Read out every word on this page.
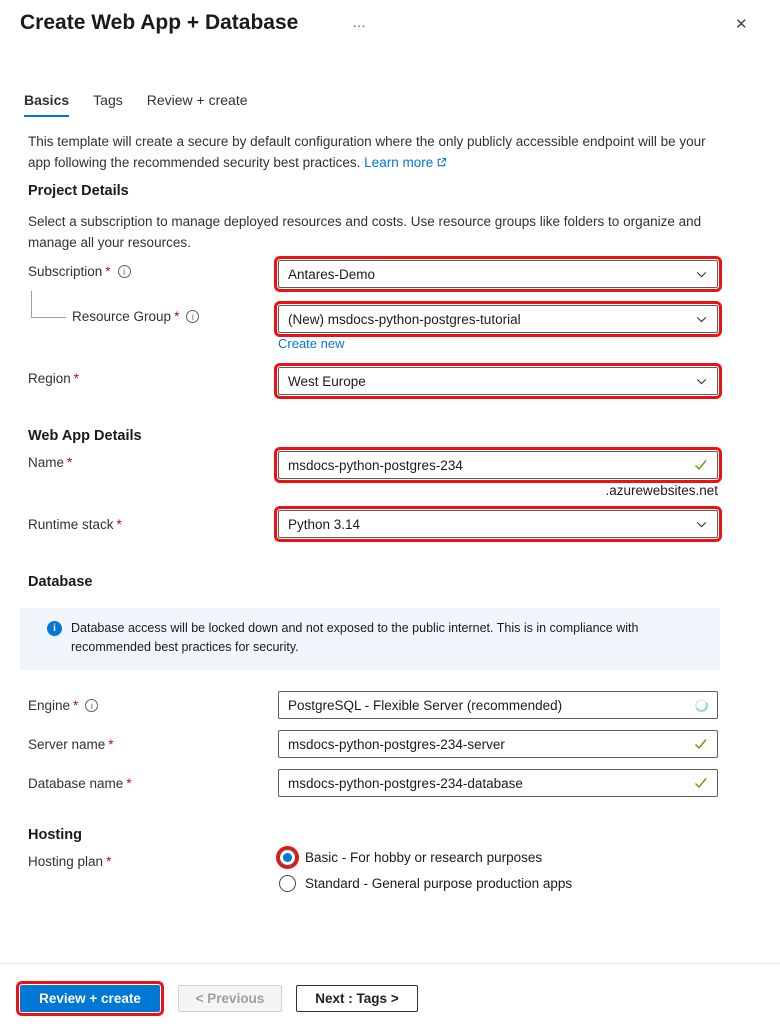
Create Web App + Database	…	✕
Basics Tags Review + create

This template will create a secure by default configuration where the only publicly accessible endpoint will be your app following the recommended security best practices. Learn more

Project Details

Select a subscription to manage deployed resources and costs. Use resource groups like folders to organize and manage all your resources.

Subscription *	i	Antares-Demo
Resource Group *	i	(New) msdocs-python-postgres-tutorial
Create new
Region *	West Europe
Web App Details
Name *	msdocs-python-postgres-234
.azurewebsites.net
Runtime stack *	Python 3.14
Database
i	Database access will be locked down and not exposed to the public internet. This is in compliance with recommended best practices for security.
Engine *	i	PostgreSQL - Flexible Server (recommended)
Server name *	msdocs-python-postgres-234-server
Database name *	msdocs-python-postgres-234-database
Hosting
Hosting plan *	Basic - For hobby or research purposes
Standard - General purpose production apps
Review + create	< Previous	Next : Tags >
